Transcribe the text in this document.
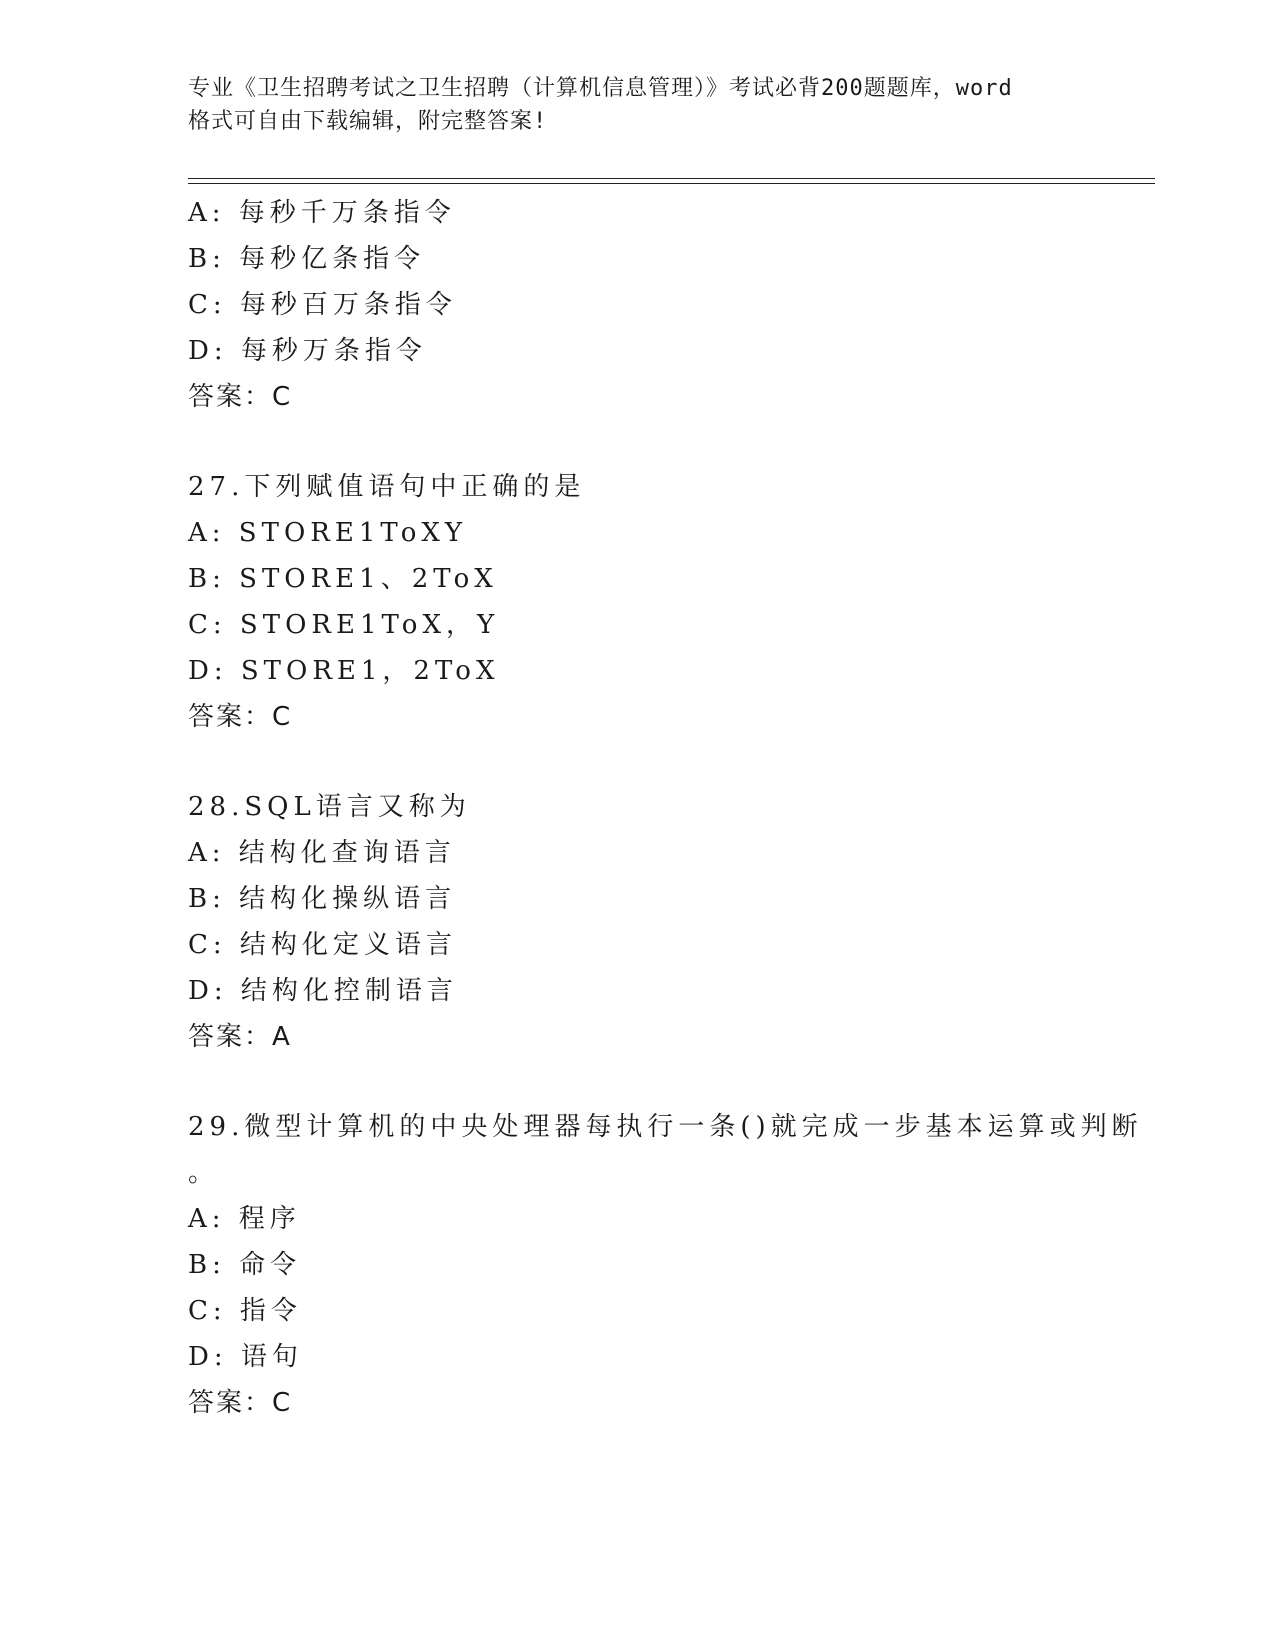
专业《卫生招聘考试之卫生招聘（计算机信息管理）》考试必背200题题库，word
格式可自由下载编辑，附完整答案!
A: 每秒千万条指令
B: 每秒亿条指令
C: 每秒百万条指令
D: 每秒万条指令
答案：C
27.下列赋值语句中正确的是
A: STORE1ToXY
B: STORE1、2ToX
C: STORE1ToX，Y
D: STORE1，2ToX
答案：C
28.SQL语言又称为
A: 结构化查询语言
B: 结构化操纵语言
C: 结构化定义语言
D: 结构化控制语言
答案：A
29.微型计算机的中央处理器每执行一条()就完成一步基本运算或判断
。
A: 程序
B: 命令
C: 指令
D: 语句
答案：C
